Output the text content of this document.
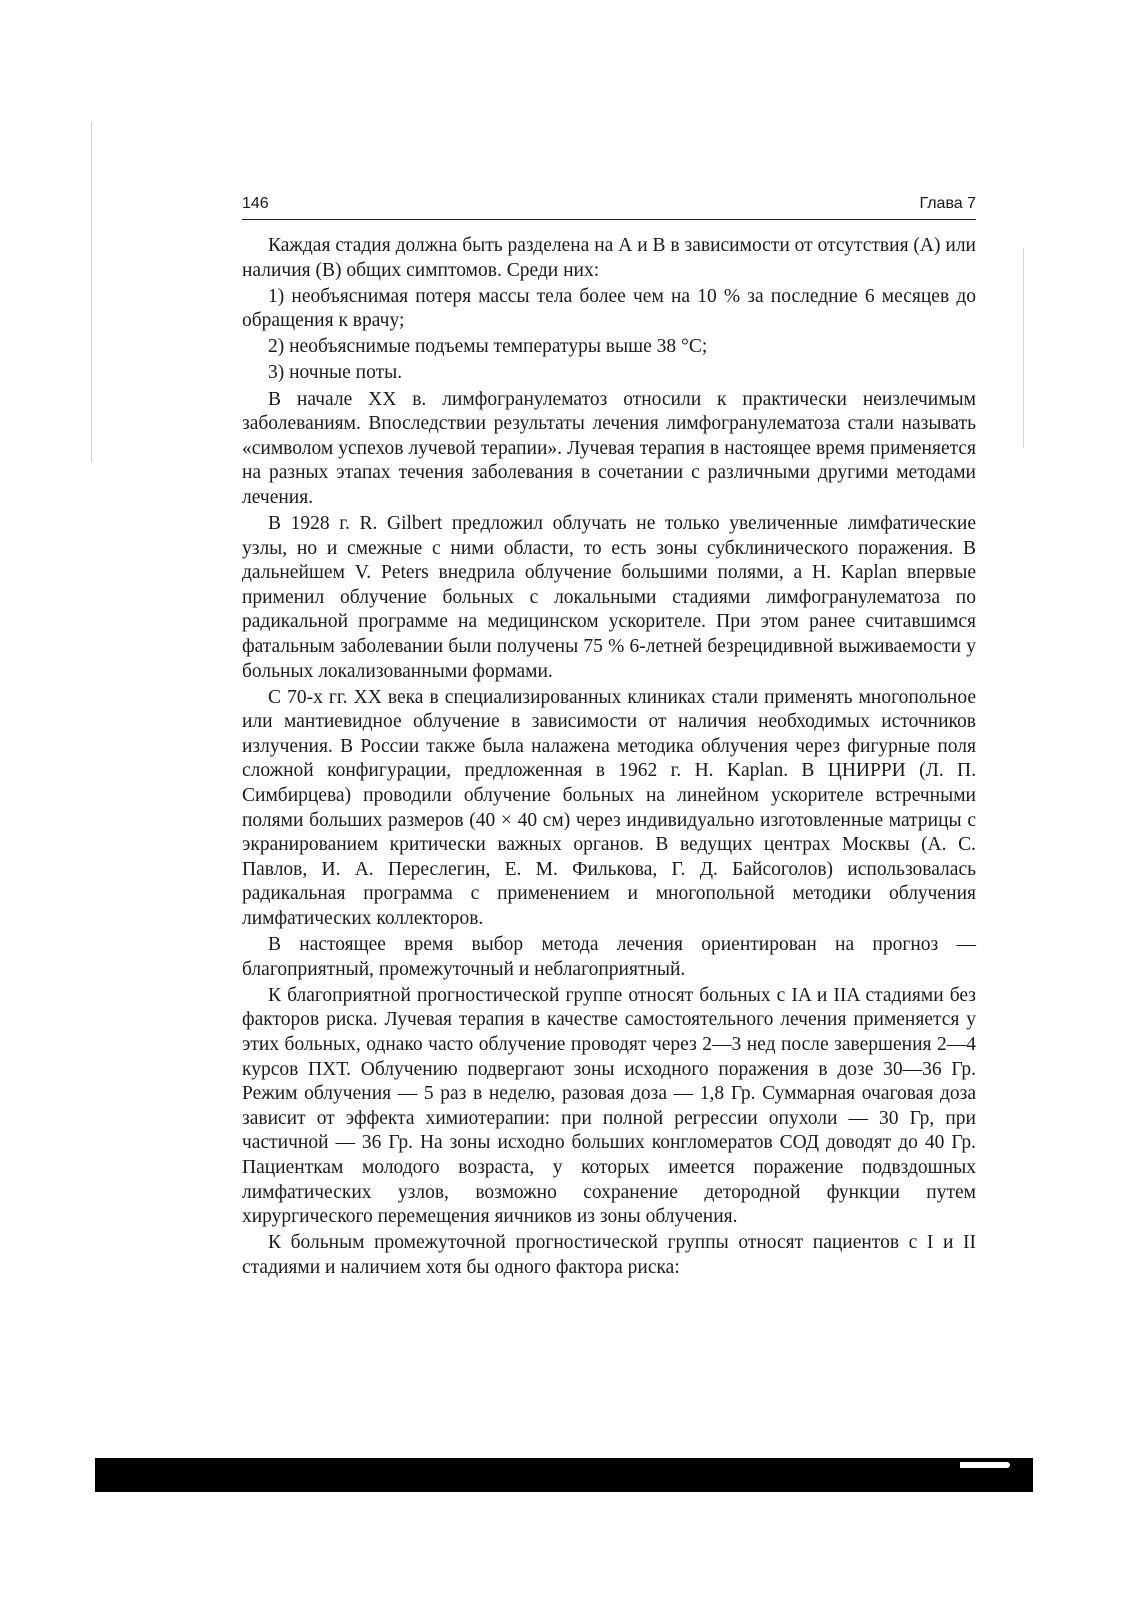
146	Глава 7

Каждая стадия должна быть разделена на А и В в зависимости от отсутствия (А) или наличия (В) общих симптомов. Среди них:

1) необъяснимая потеря массы тела более чем на 10 % за последние 6 месяцев до обращения к врачу;

2) необъяснимые подъемы температуры выше 38 °С;

3) ночные поты.

В начале XX в. лимфогранулематоз относили к практически неизлечимым заболеваниям. Впоследствии результаты лечения лимфогранулематоза стали называть «символом успехов лучевой терапии». Лучевая терапия в настоящее время применяется на разных этапах течения заболевания в сочетании с различными другими методами лечения.

В 1928 г. R. Gilbert предложил облучать не только увеличенные лимфатические узлы, но и смежные с ними области, то есть зоны субклинического поражения. В дальнейшем V. Peters внедрила облучение большими полями, а Н. Kaplan впервые применил облучение больных с локальными стадиями лимфогранулематоза по радикальной программе на медицинском ускорителе. При этом ранее считавшимся фатальным заболевании были получены 75 % 6-летней безрецидивной выживаемости у больных локализованными формами.

С 70-х гг. XX века в специализированных клиниках стали применять многопольное или мантиевидное облучение в зависимости от наличия необходимых источников излучения. В России также была налажена методика облучения через фигурные поля сложной конфигурации, предложенная в 1962 г. Н. Kaplan. В ЦНИРРИ (Л. П. Симбирцева) проводили облучение больных на линейном ускорителе встречными полями больших размеров (40 × 40 см) через индивидуально изготовленные матрицы с экранированием критически важных органов. В ведущих центрах Москвы (А. С. Павлов, И. А. Переслегин, Е. М. Филькова, Г. Д. Байсоголов) использовалась радикальная программа с применением и многопольной методики облучения лимфатических коллекторов.

В настоящее время выбор метода лечения ориентирован на прогноз — благоприятный, промежуточный и неблагоприятный.

К благоприятной прогностической группе относят больных с IA и IIA стадиями без факторов риска. Лучевая терапия в качестве самостоятельного лечения применяется у этих больных, однако часто облучение проводят через 2—3 нед после завершения 2—4 курсов ПХТ. Облучению подвергают зоны исходного поражения в дозе 30—36 Гр. Режим облучения — 5 раз в неделю, разовая доза — 1,8 Гр. Суммарная очаговая доза зависит от эффекта химиотерапии: при полной регрессии опухоли — 30 Гр, при частичной — 36 Гр. На зоны исходно больших конгломератов СОД доводят до 40 Гр. Пациенткам молодого возраста, у которых имеется поражение подвздошных лимфатических узлов, возможно сохранение детородной функции путем хирургического перемещения яичников из зоны облучения.

К больным промежуточной прогностической группы относят пациентов с I и II стадиями и наличием хотя бы одного фактора риска:
